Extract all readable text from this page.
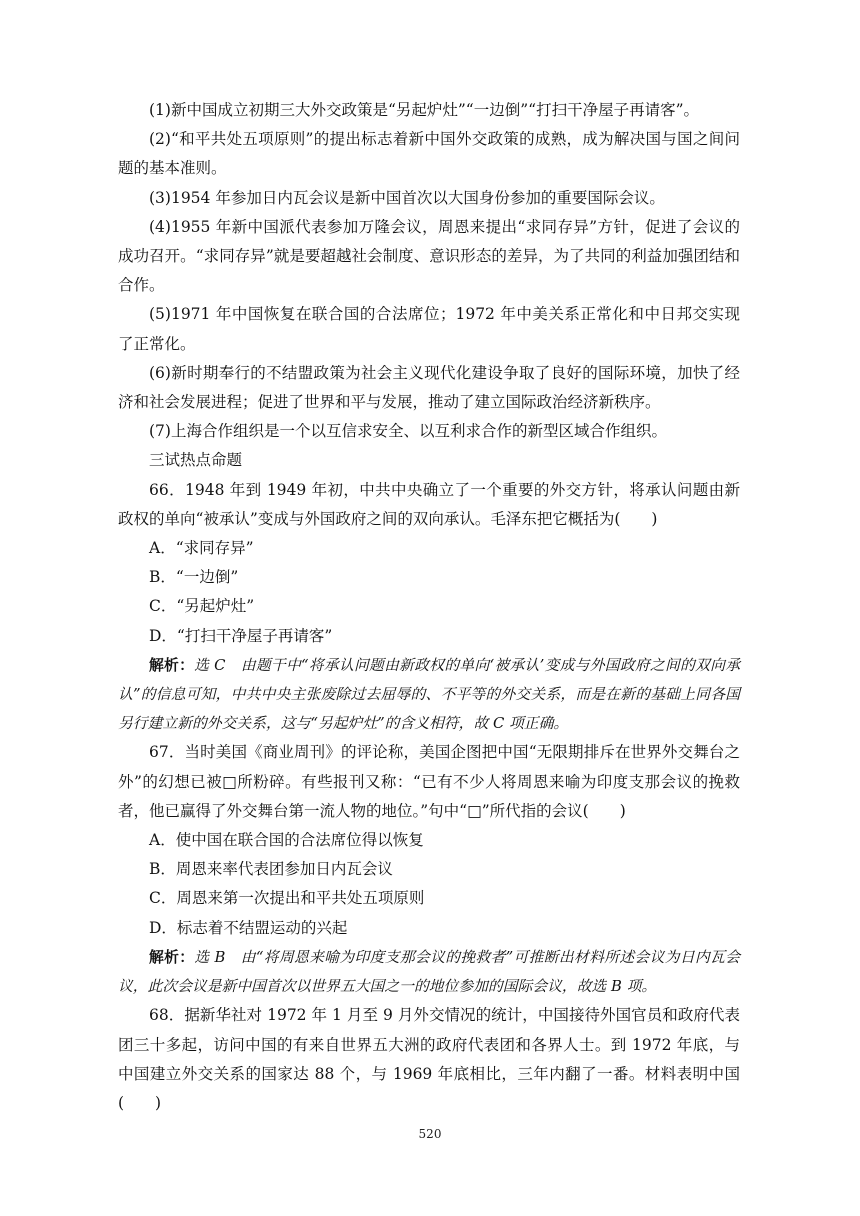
(1)新中国成立初期三大外交政策是“另起炉灶”“一边倒”“打扫干净屋子再请客”。

(2)“和平共处五项原则”的提出标志着新中国外交政策的成熟，成为解决国与国之间问题的基本准则。

(3)1954 年参加日内瓦会议是新中国首次以大国身份参加的重要国际会议。

(4)1955 年新中国派代表参加万隆会议，周恩来提出“求同存异”方针，促进了会议的成功召开。“求同存异”就是要超越社会制度、意识形态的差异，为了共同的利益加强团结和合作。

(5)1971 年中国恢复在联合国的合法席位；1972 年中美关系正常化和中日邦交实现了正常化。

(6)新时期奉行的不结盟政策为社会主义现代化建设争取了良好的国际环境，加快了经济和社会发展进程；促进了世界和平与发展，推动了建立国际政治经济新秩序。

(7)上海合作组织是一个以互信求安全、以互利求合作的新型区域合作组织。

三试热点命题

66．1948 年到 1949 年初，中共中央确立了一个重要的外交方针，将承认问题由新政权的单向“被承认”变成与外国政府之间的双向承认。毛泽东把它概括为(　　)

A．“求同存异”

B．“一边倒”

C．“另起炉灶”

D．“打扫干净屋子再请客”

解析：选 C　由题干中“将承认问题由新政权的单向‘被承认’变成与外国政府之间的双向承认”的信息可知，中共中央主张废除过去屈辱的、不平等的外交关系，而是在新的基础上同各国另行建立新的外交关系，这与“另起炉灶”的含义相符，故 C 项正确。

67．当时美国《商业周刊》的评论称，美国企图把中国“无限期排斥在世界外交舞台之外”的幻想已被□所粉碎。有些报刊又称：“已有不少人将周恩来喻为印度支那会议的挽救者，他已赢得了外交舞台第一流人物的地位。”句中“□”所代指的会议(　　)

A．使中国在联合国的合法席位得以恢复

B．周恩来率代表团参加日内瓦会议

C．周恩来第一次提出和平共处五项原则

D．标志着不结盟运动的兴起

解析：选 B　由“将周恩来喻为印度支那会议的挽救者”可推断出材料所述会议为日内瓦会议，此次会议是新中国首次以世界五大国之一的地位参加的国际会议，故选 B 项。

68．据新华社对 1972 年 1 月至 9 月外交情况的统计，中国接待外国官员和政府代表团三十多起，访问中国的有来自世界五大洲的政府代表团和各界人士。到 1972 年底，与中国建立外交关系的国家达 88 个，与 1969 年底相比，三年内翻了一番。材料表明中国(　　)

520
